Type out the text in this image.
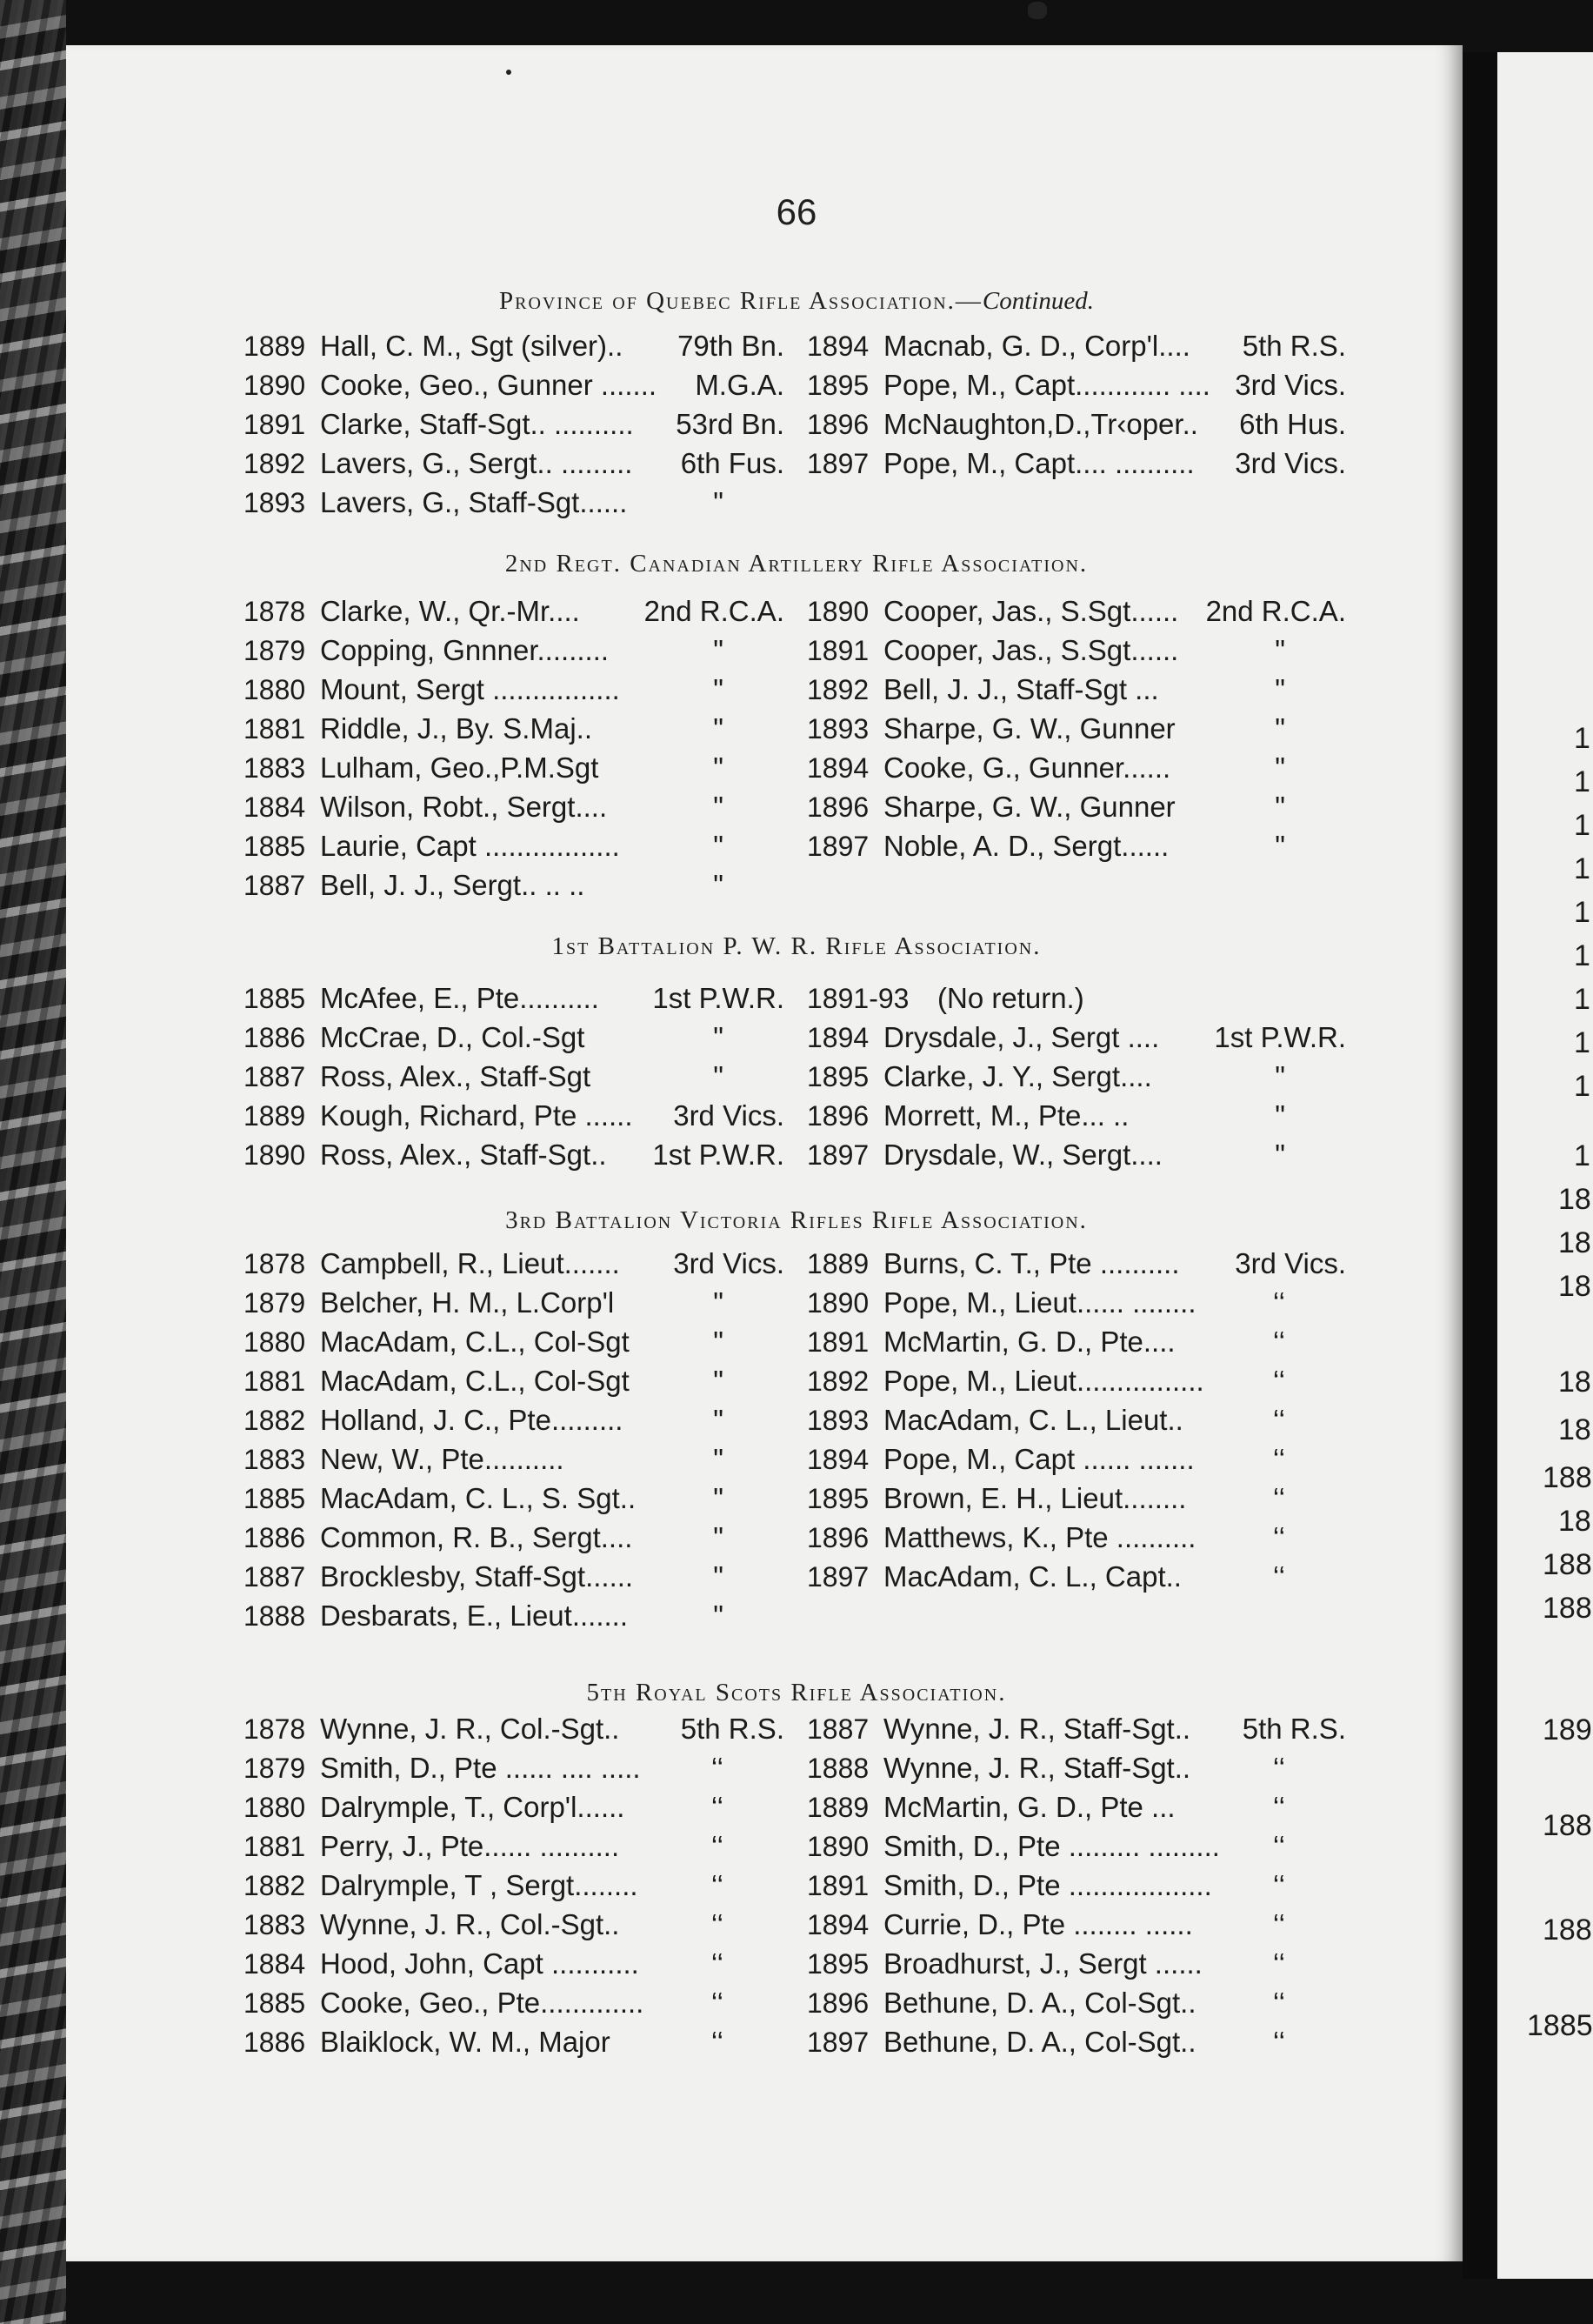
1

1

1

1

1

1

1

1

1

1

18

18

18

18

18

188

18

188

188

189

188

188

1885

66
Province of Quebec Rifle Association.—Continued.
1889 Hall, C. M., Sgt (silver).. 79th Bn.
1890 Cooke, Geo., Gunner ....... M.G.A.
1891 Clarke, Staff-Sgt.. .......... 53rd Bn.
1892 Lavers, G., Sergt.. ......... 6th Fus.
1893 Lavers, G., Staff-Sgt......	"
1894 Macnab, G. D., Corp'l.... 5th R.S.
1895 Pope, M., Capt............ .... 3rd Vics.
1896 McNaughton,D.,Tr‹oper.. 6th Hus.
1897 Pope, M., Capt.... .......... 3rd Vics.
2nd Regt. Canadian Artillery Rifle Association.
1878 Clarke, W., Qr.-Mr.... 2nd R.C.A.
1879 Copping, Gnnner.........	"
1880 Mount, Sergt ................	"
1881 Riddle, J., By. S.Maj..	"
1883 Lulham, Geo.,P.M.Sgt	"
1884 Wilson, Robt., Sergt....	"
1885 Laurie, Capt .................	"
1887 Bell, J. J., Sergt.. .. ..	"
1890 Cooper, Jas., S.Sgt...... 2nd R.C.A.
1891 Cooper, Jas., S.Sgt......	"
1892 Bell, J. J., Staff-Sgt ...	"
1893 Sharpe, G. W., Gunner	"
1894 Cooke, G., Gunner......	"
1896 Sharpe, G. W., Gunner	"
1897 Noble, A. D., Sergt......	"
1st Battalion P. W. R. Rifle Association.
1885 McAfee, E., Pte.......... 1st P.W.R.
1886 McCrae, D., Col.-Sgt	"
1887 Ross, Alex., Staff-Sgt	"
1889 Kough, Richard, Pte ...... 3rd Vics.
1890 Ross, Alex., Staff-Sgt.. 1st P.W.R.
1891-93 (No return.)
1894 Drysdale, J., Sergt .... 1st P.W.R.
1895 Clarke, J. Y., Sergt....	"
1896 Morrett, M., Pte... ..	"
1897 Drysdale, W., Sergt....	"
3rd Battalion Victoria Rifles Rifle Association.
1878 Campbell, R., Lieut....... 3rd Vics.
1879 Belcher, H. M., L.Corp'l	"
1880 MacAdam, C.L., Col-Sgt	"
1881 MacAdam, C.L., Col-Sgt	"
1882 Holland, J. C., Pte.........	"
1883 New, W., Pte..........	"
1885 MacAdam, C. L., S. Sgt..	"
1886 Common, R. B., Sergt....	"
1887 Brocklesby, Staff-Sgt......	"
1888 Desbarats, E., Lieut.......	"
1889 Burns, C. T., Pte .......... 3rd Vics.
1890 Pope, M., Lieut...... ........	‘‘
1891 McMartin, G. D., Pte....	‘‘
1892 Pope, M., Lieut................ ‘‘
1893 MacAdam, C. L., Lieut..	‘‘
1894 Pope, M., Capt ...... .......	‘‘
1895 Brown, E. H., Lieut........	‘‘
1896 Matthews, K., Pte ..........	‘‘
1897 MacAdam, C. L., Capt..	‘‘
5th Royal Scots Rifle Association.
1878 Wynne, J. R., Col.-Sgt.. 5th R.S.
1879 Smith, D., Pte ...... .... ..... ‘‘
1880 Dalrymple, T., Corp'l......	‘‘
1881 Perry, J., Pte...... ..........	‘‘
1882 Dalrymple, T , Sergt........	‘‘
1883 Wynne, J. R., Col.-Sgt..	‘‘
1884 Hood, John, Capt ...........	‘‘
1885 Cooke, Geo., Pte............. ‘‘
1886 Blaiklock, W. M., Major	‘‘
1887 Wynne, J. R., Staff-Sgt.. 5th R.S.
1888 Wynne, J. R., Staff-Sgt..	‘‘
1889 McMartin, G. D., Pte ...	‘‘
1890 Smith, D., Pte ......... ......... ‘‘
1891 Smith, D., Pte .................. ‘‘
1894 Currie, D., Pte ........ ......	‘‘
1895 Broadhurst, J., Sergt ...... ‘‘
1896 Bethune, D. A., Col-Sgt..	‘‘
1897 Bethune, D. A., Col-Sgt..	‘‘
